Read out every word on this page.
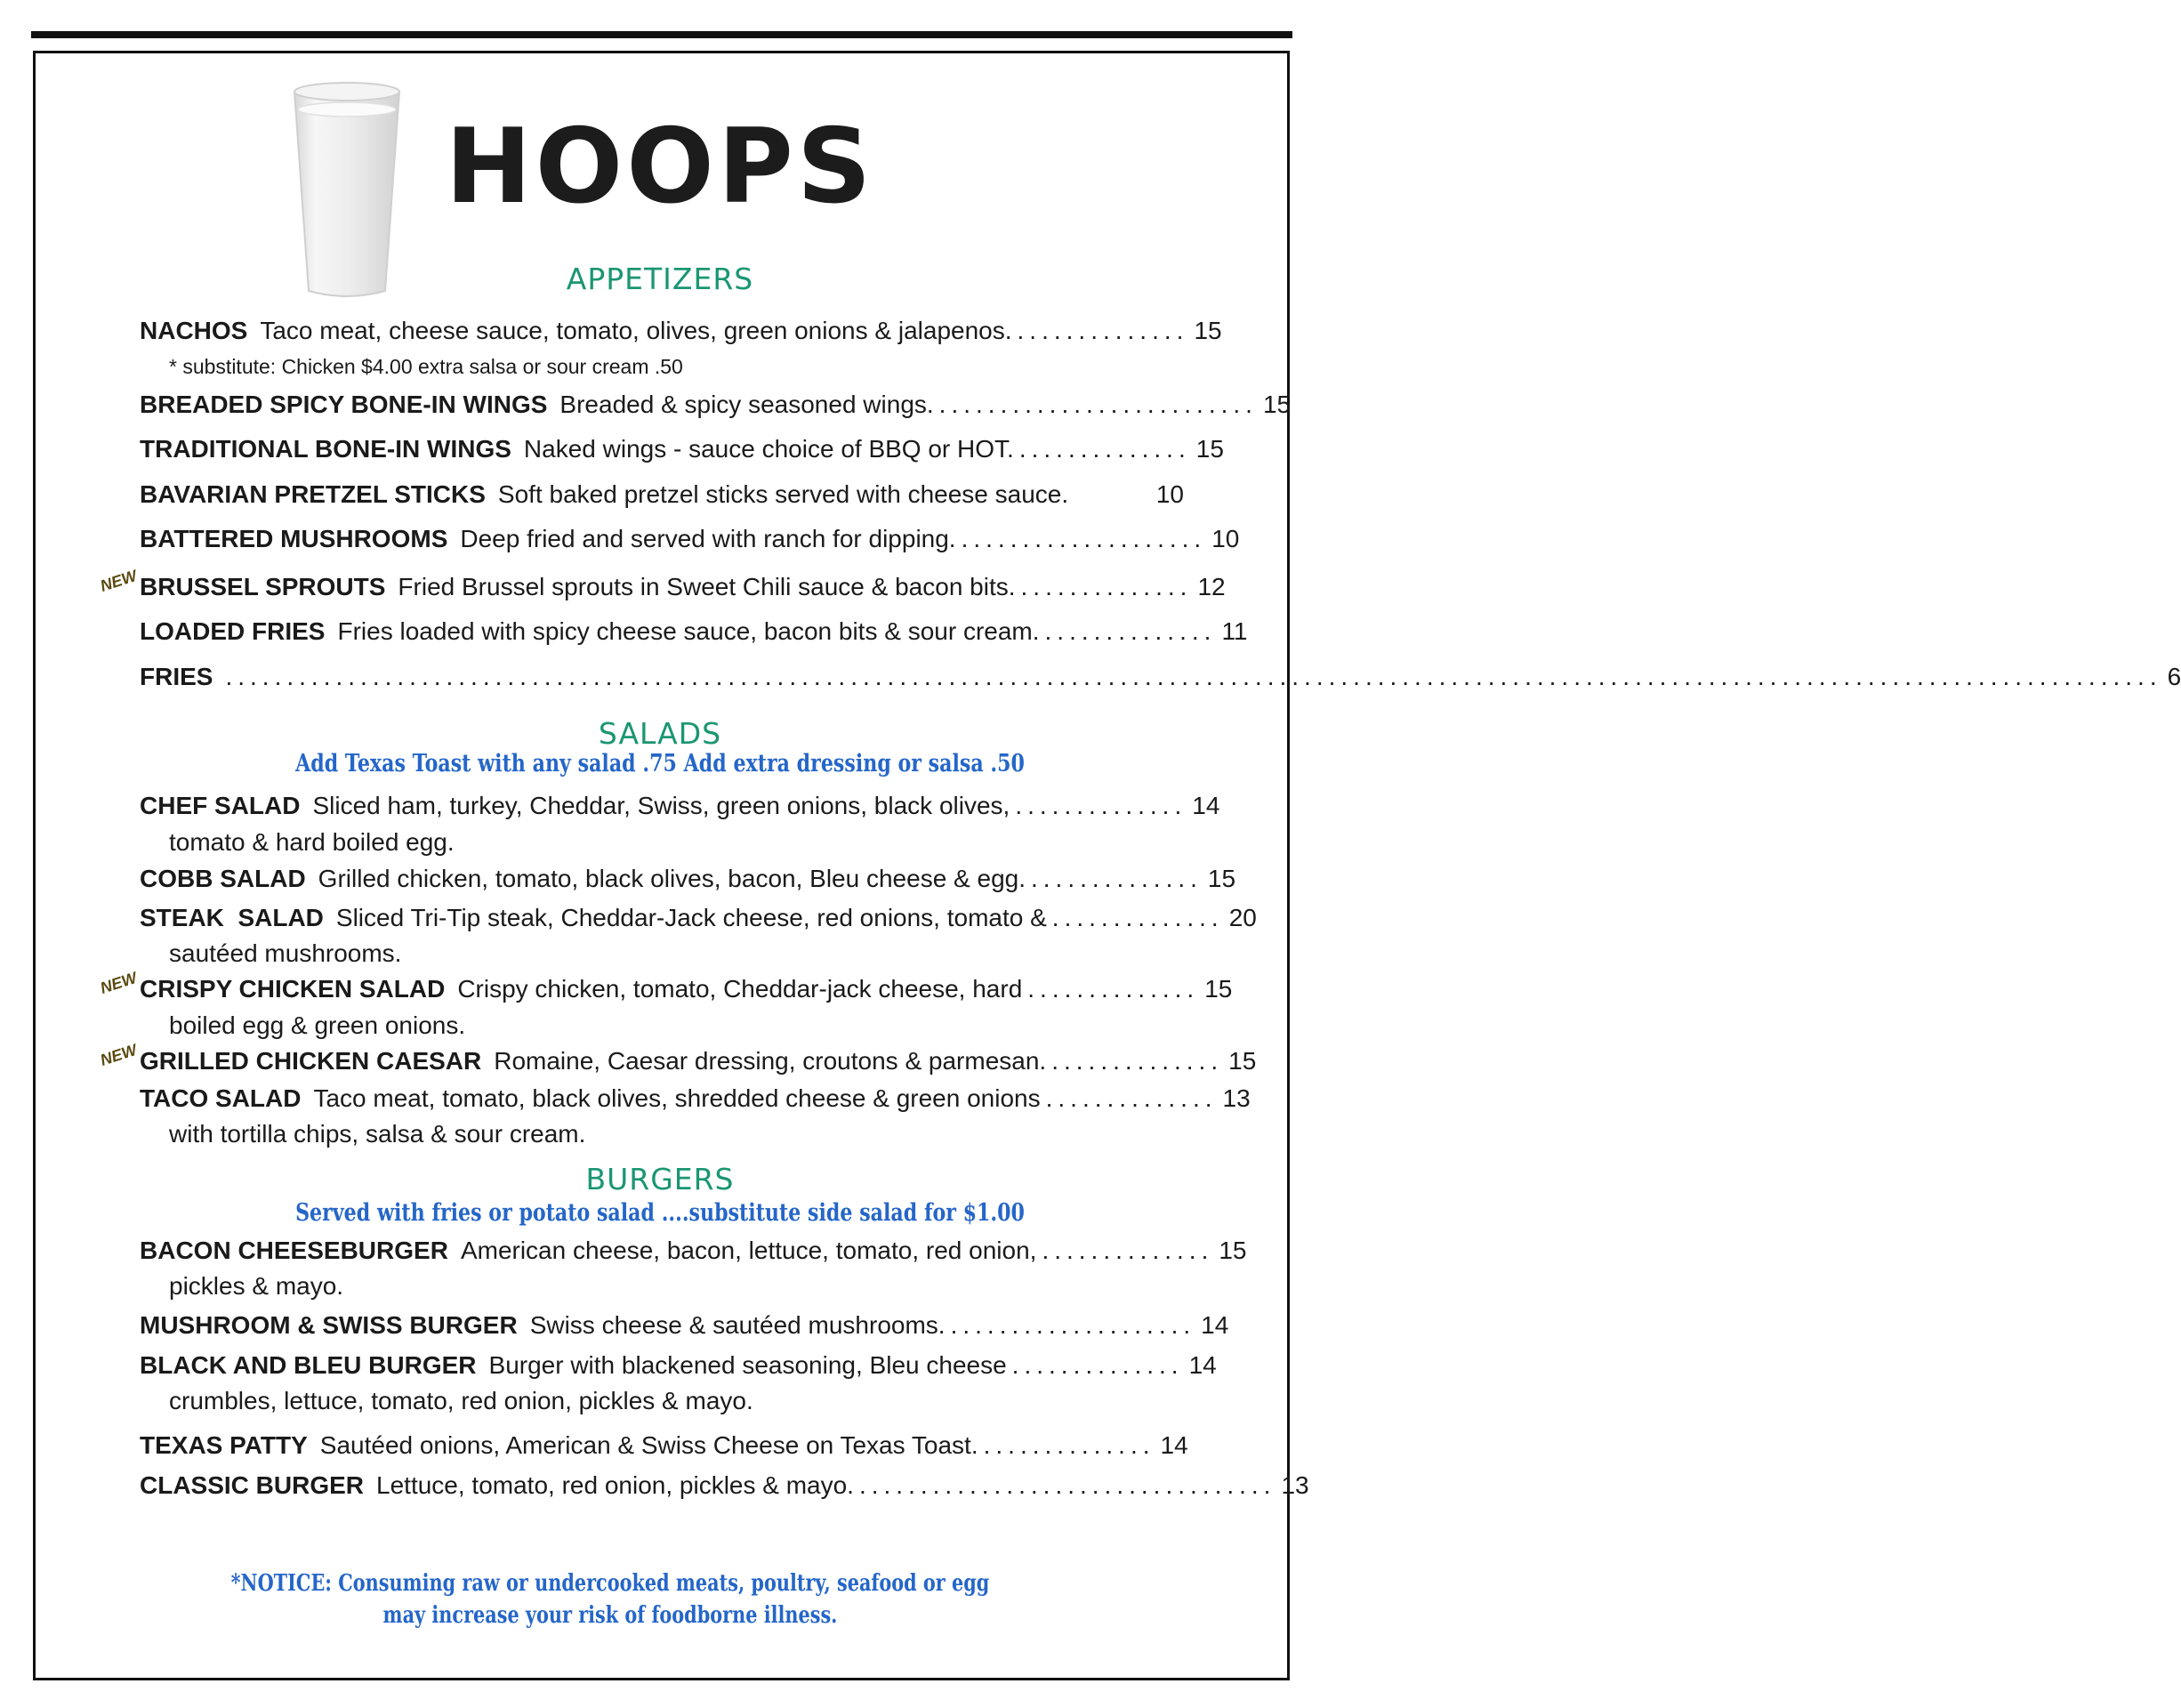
HOOPS
APPETIZERS
NACHOS Taco meat, cheese sauce, tomato, olives, green onions & jalapenos. .............. 15
* substitute: Chicken $4.00 extra salsa or sour cream .50
BREADED SPICY BONE-IN WINGS Breaded & spicy seasoned wings. .......................... 15
TRADITIONAL BONE-IN WINGS Naked wings - sauce choice of BBQ or HOT. .............. 15
BAVARIAN PRETZEL STICKS Soft baked pretzel sticks served with cheese sauce.	10
BATTERED MUSHROOMS Deep fried and served with ranch for dipping. .................... 10
NEW BRUSSEL SPROUTS Fried Brussel sprouts in Sweet Chili sauce & bacon bits. .............. 12
LOADED FRIES Fries loaded with spicy cheese sauce, bacon bits & sour cream. .............. 11
FRIES .............................................................................................................................................................. 6
SALADS
Add Texas Toast with any salad .75 Add extra dressing or salsa .50
CHEF SALAD Sliced ham, turkey, Cheddar, Swiss, green onions, black olives, .............. 14
tomato & hard boiled egg.
COBB SALAD Grilled chicken, tomato, black olives, bacon, Bleu cheese & egg. .............. 15
STEAK  SALAD Sliced Tri-Tip steak, Cheddar-Jack cheese, red onions, tomato & .............. 20
sautéed mushrooms.
NEW CRISPY CHICKEN SALAD Crispy chicken, tomato, Cheddar-jack cheese, hard .............. 15
boiled egg & green onions.
NEW GRILLED CHICKEN CAESAR Romaine, Caesar dressing, croutons & parmesan. .............. 15
TACO SALAD Taco meat, tomato, black olives, shredded cheese & green onions .............. 13
with tortilla chips, salsa & sour cream.
BURGERS
Served with fries or potato salad ....substitute side salad for $1.00
BACON CHEESEBURGER American cheese, bacon, lettuce, tomato, red onion, .............. 15
pickles & mayo.
MUSHROOM & SWISS BURGER Swiss cheese & sautéed mushrooms. .................... 14
BLACK AND BLEU BURGER Burger with blackened seasoning, Bleu cheese .............. 14
crumbles, lettuce, tomato, red onion, pickles & mayo.
TEXAS PATTY Sautéed onions, American & Swiss Cheese on Texas Toast. .............. 14
CLASSIC BURGER Lettuce, tomato, red onion, pickles & mayo. .................................. 13
*NOTICE: Consuming raw or undercooked meats, poultry, seafood or egg
may increase your risk of foodborne illness.
